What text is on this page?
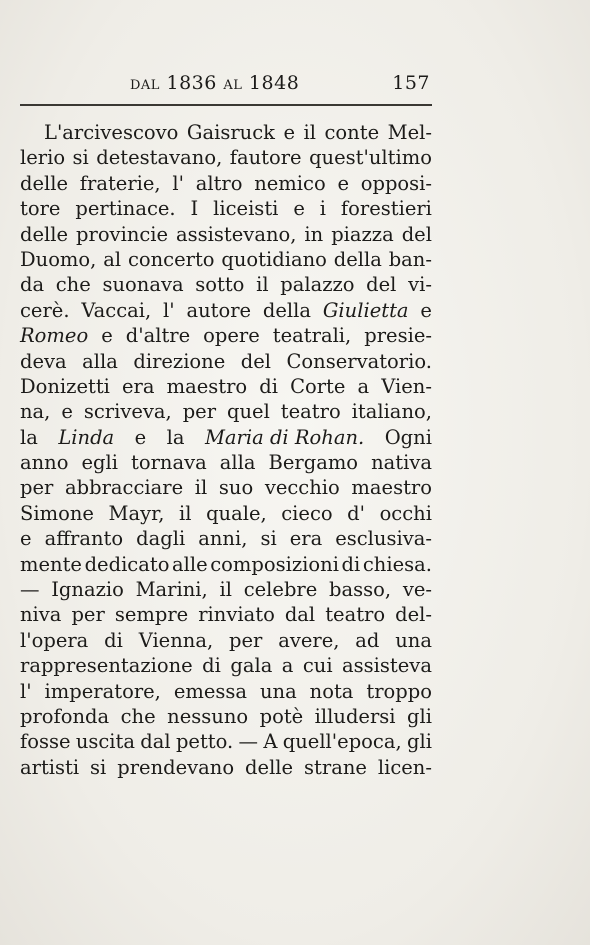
dal 1836 al 1848	157
L'arcivescovo Gaisruck e il conte Mel-
lerio si detestavano, fautore quest'ultimo
delle fraterie, l' altro nemico e opposi-
tore pertinace. I liceisti e i forestieri
delle provincie assistevano, in piazza del
Duomo, al concerto quotidiano della ban-
da che suonava sotto il palazzo del vi-
cerè. Vaccai, l' autore della Giulietta e
Romeo e d'altre opere teatrali, presie-
deva alla direzione del Conservatorio.
Donizetti era maestro di Corte a Vien-
na, e scriveva, per quel teatro italiano,
la Linda e la Maria di Rohan. Ogni
anno egli tornava alla Bergamo nativa
per abbracciare il suo vecchio maestro
Simone Mayr, il quale, cieco d' occhi
e affranto dagli anni, si era esclusiva-
mente dedicato alle composizioni di chiesa.
— Ignazio Marini, il celebre basso, ve-
niva per sempre rinviato dal teatro del-
l'opera di Vienna, per avere, ad una
rappresentazione di gala a cui assisteva
l' imperatore, emessa una nota troppo
profonda che nessuno potè illudersi gli
fosse uscita dal petto. — A quell'epoca, gli
artisti si prendevano delle strane licen-
